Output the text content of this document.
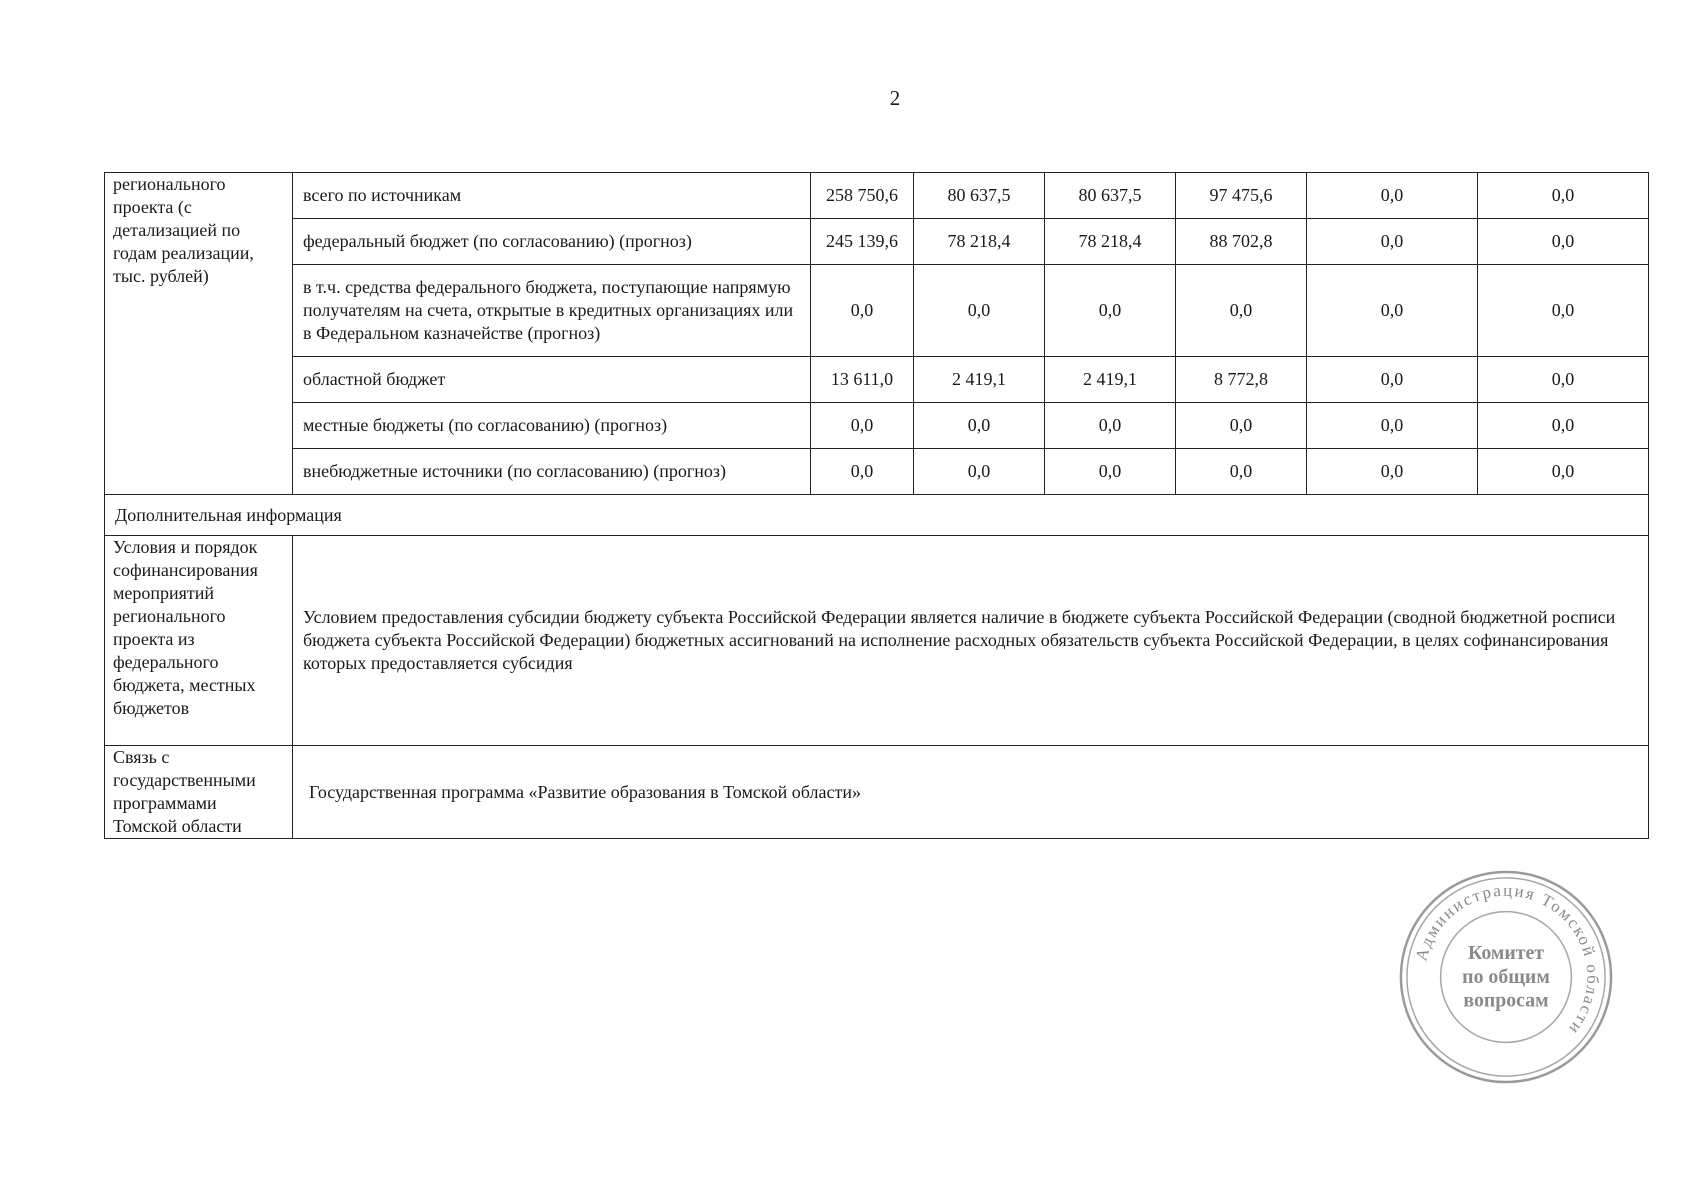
2
регионального проекта (с детализацией по годам реализации, тыс. рублей)	всего по источникам	258 750,6	80 637,5	80 637,5	97 475,6	0,0	0,0
	федеральный бюджет (по согласованию) (прогноз)	245 139,6	78 218,4	78 218,4	88 702,8	0,0	0,0
	в т.ч. средства федерального бюджета, поступающие напрямую получателям на счета, открытые в кредитных организациях или в Федеральном казначействе (прогноз)	0,0	0,0	0,0	0,0	0,0	0,0
	областной бюджет	13 611,0	2 419,1	2 419,1	8 772,8	0,0	0,0
	местные бюджеты (по согласованию) (прогноз)	0,0	0,0	0,0	0,0	0,0	0,0
	внебюджетные источники (по согласованию) (прогноз)	0,0	0,0	0,0	0,0	0,0	0,0
Дополнительная информация							
Условия и порядок софинансирования мероприятий регионального проекта из федерального бюджета, местных бюджетов	Условием предоставления субсидии бюджету субъекта Российской Федерации является наличие в бюджете субъекта Российской Федерации (сводной бюджетной росписи бюджета субъекта Российской Федерации) бюджетных ассигнований на исполнение расходных обязательств субъекта Российской Федерации, в целях софинансирования которых предоставляется субсидия						
Связь с государственными программами Томской области	Государственная программа «Развитие образования в Томской области»						
Администрация Томской области
Комитет
по общим
вопросам
